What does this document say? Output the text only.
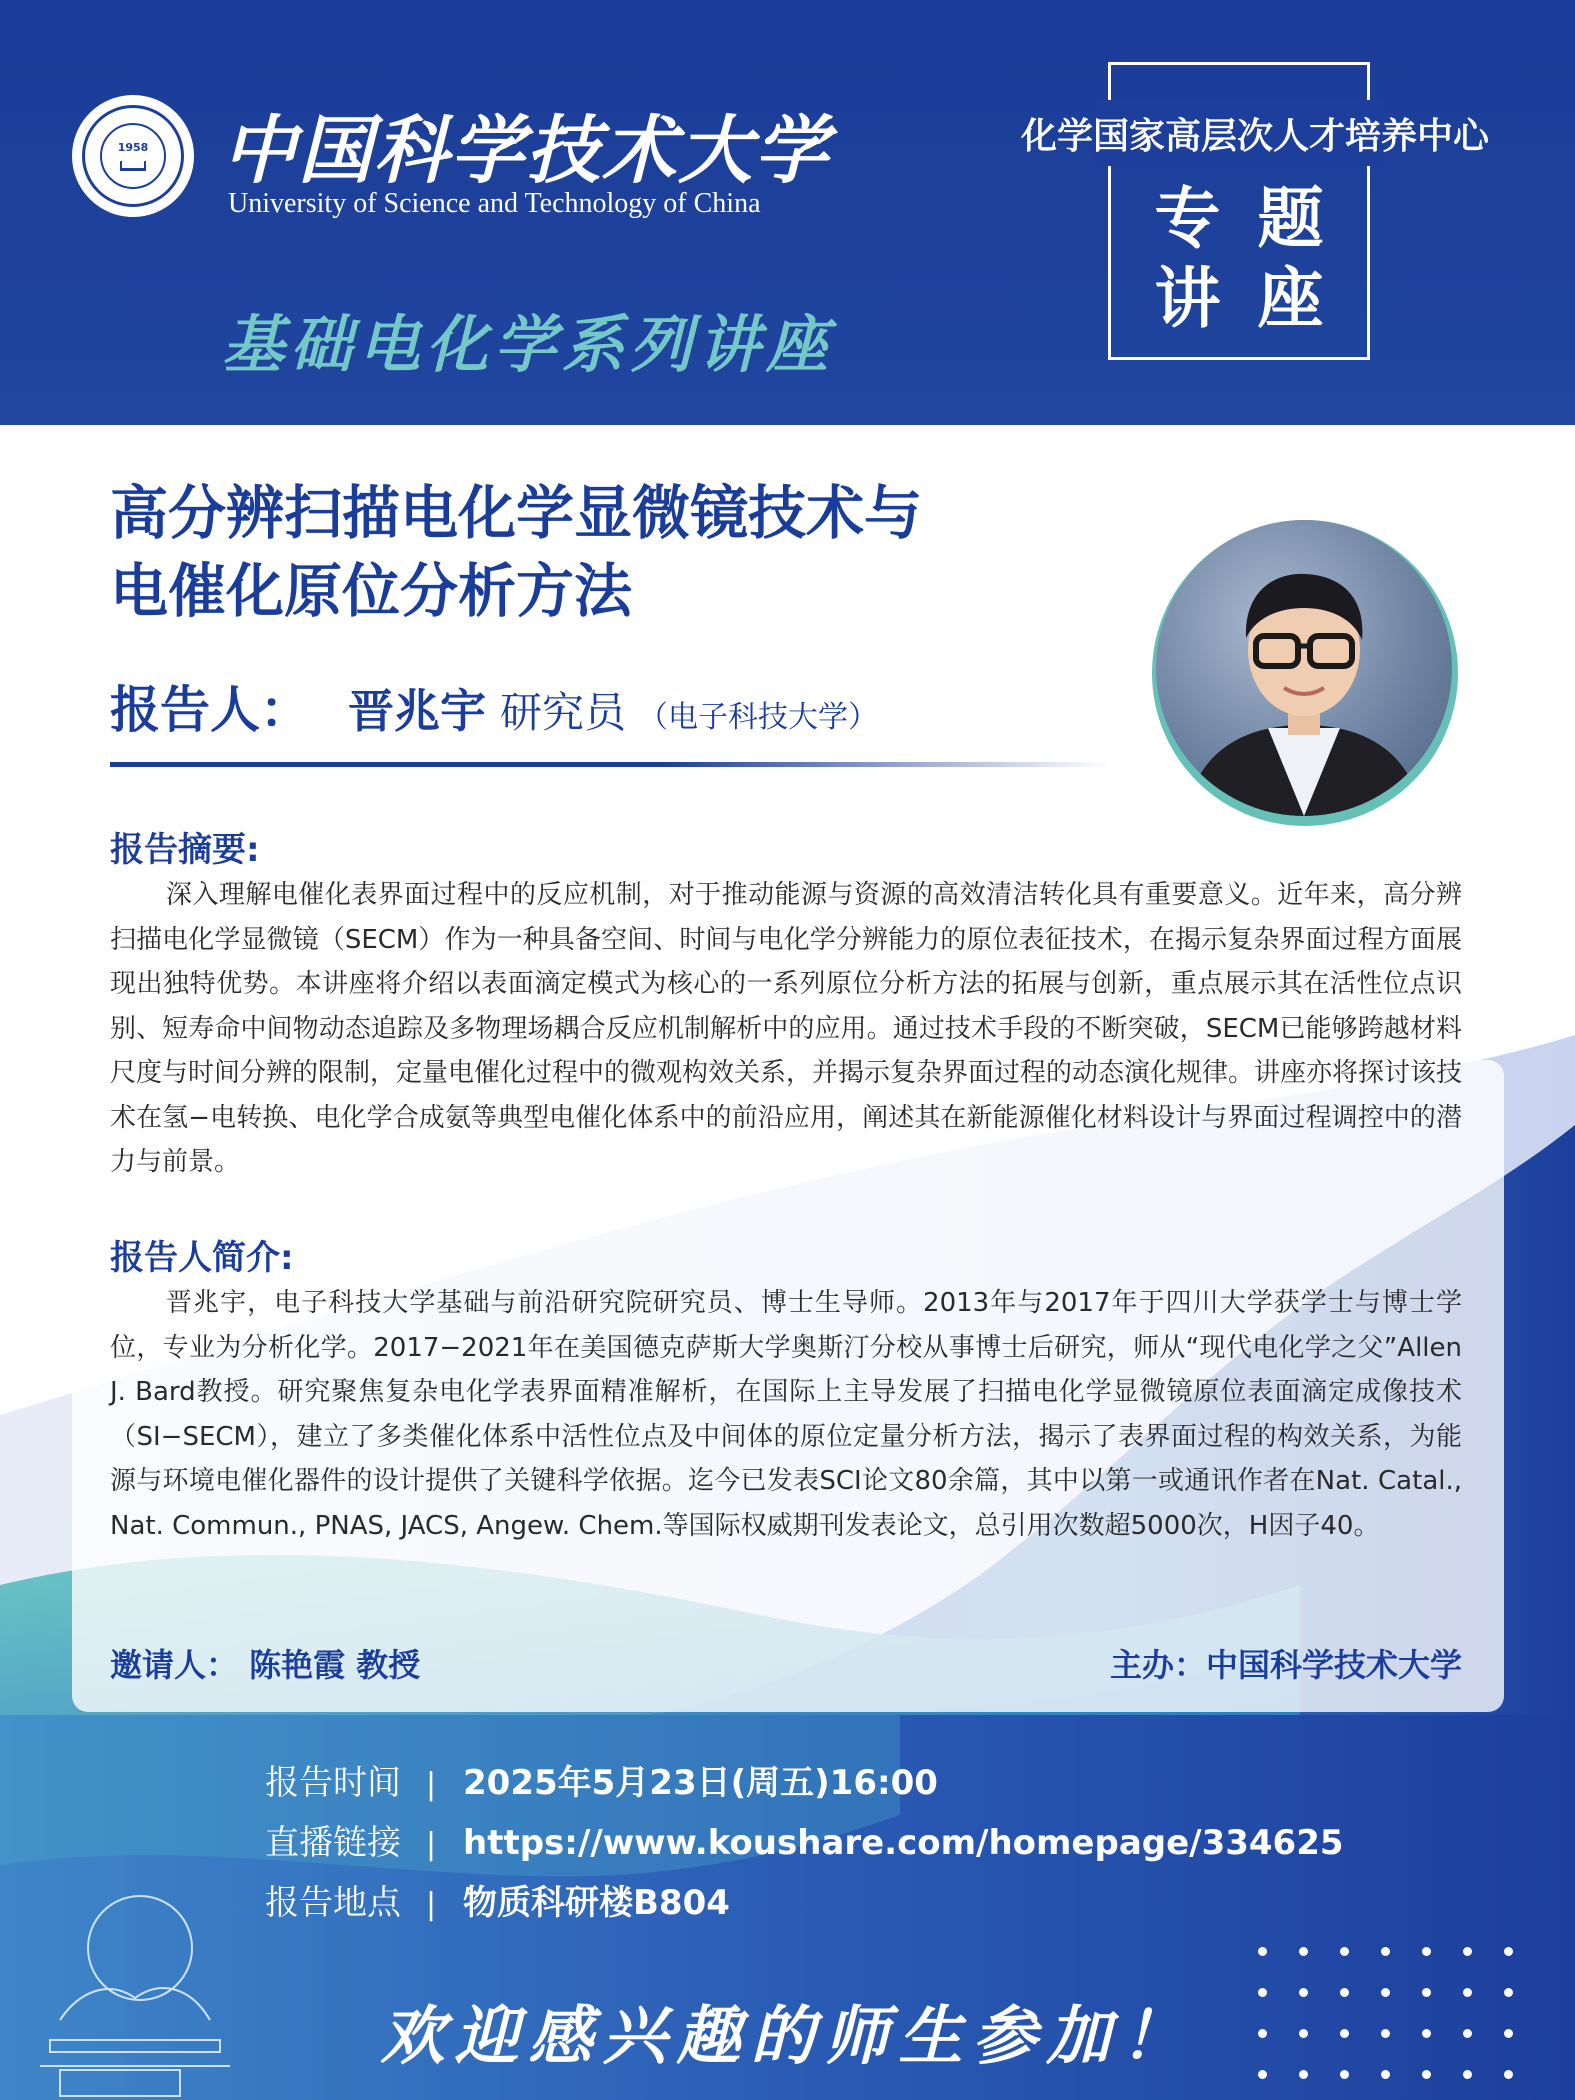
1958 中国科学技术大学
University of Science and Technology of China
基础电化学系列讲座
化学国家高层次人才培养中心
专 题
讲 座
高分辨扫描电化学显微镜技术与
电催化原位分析方法
报告人： 晋兆宇 研究员 （电子科技大学）
报告摘要:
深入理解电催化表界面过程中的反应机制，对于推动能源与资源的高效清洁转化具有重要意义。近年来，高分辨扫描电化学显微镜（SECM）作为一种具备空间、时间与电化学分辨能力的原位表征技术，在揭示复杂界面过程方面展现出独特优势。本讲座将介绍以表面滴定模式为核心的一系列原位分析方法的拓展与创新，重点展示其在活性位点识别、短寿命中间物动态追踪及多物理场耦合反应机制解析中的应用。通过技术手段的不断突破，SECM已能够跨越材料尺度与时间分辨的限制，定量电催化过程中的微观构效关系，并揭示复杂界面过程的动态演化规律。讲座亦将探讨该技术在氢−电转换、电化学合成氨等典型电催化体系中的前沿应用，阐述其在新能源催化材料设计与界面过程调控中的潜力与前景。
报告人简介:
晋兆宇，电子科技大学基础与前沿研究院研究员、博士生导师。2013年与2017年于四川大学获学士与博士学位，专业为分析化学。2017−2021年在美国德克萨斯大学奥斯汀分校从事博士后研究，师从“现代电化学之父”Allen J. Bard教授。研究聚焦复杂电化学表界面精准解析，在国际上主导发展了扫描电化学显微镜原位表面滴定成像技术（SI−SECM），建立了多类催化体系中活性位点及中间体的原位定量分析方法，揭示了表界面过程的构效关系，为能源与环境电催化器件的设计提供了关键科学依据。迄今已发表SCI论文80余篇，其中以第一或通讯作者在Nat. Catal., Nat. Commun., PNAS, JACS, Angew. Chem.等国际权威期刊发表论文，总引用次数超5000次，H因子40。
邀请人： 陈艳霞 教授	主办：中国科学技术大学
报告时间 | 2025年5月23日(周五)16:00
直播链接 | https://www.koushare.com/homepage/334625
报告地点 | 物质科研楼B804
欢迎感兴趣的师生参加！
